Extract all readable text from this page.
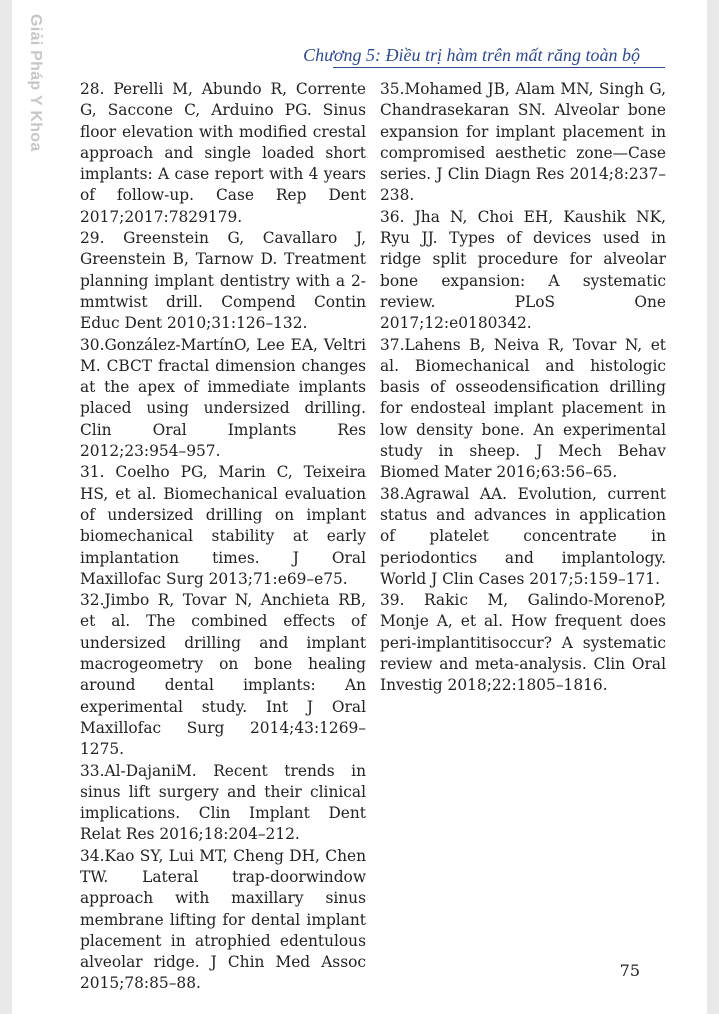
Giải Pháp Y Khoa	Chương 5: Điều trị hàm trên mất răng toàn bộ

28. Perelli M, Abundo R, Corrente G, Saccone C, Arduino PG. Sinus floor elevation with modified crestal approach and single loaded short implants: A case report with 4 years of follow-up. Case Rep Dent 2017;2017:7829179.

29. Greenstein G, Cavallaro J, Greenstein B, Tarnow D. Treatment planning implant dentistry with a 2-mmtwist drill. Compend Contin Educ Dent 2010;31:126–132.

30.González-MartínO, Lee EA, Veltri M. CBCT fractal dimension changes at the apex of immediate implants placed using undersized drilling. Clin Oral Implants Res 2012;23:954–957.

31. Coelho PG, Marin C, Teixeira HS, et al. Biomechanical evaluation of undersized drilling on implant biomechanical stability at early implantation times. J Oral Maxillofac Surg 2013;71:e69–e75.

32.Jimbo R, Tovar N, Anchieta RB, et al. The combined effects of undersized drilling and implant macrogeometry on bone healing around dental implants: An experimental study. Int J Oral Maxillofac Surg 2014;43:1269–1275.

33.Al-DajaniM. Recent trends in sinus lift surgery and their clinical implications. Clin Implant Dent Relat Res 2016;18:204–212.

34.Kao SY, Lui MT, Cheng DH, Chen TW. Lateral trap-doorwindow approach with maxillary sinus membrane lifting for dental implant placement in atrophied edentulous alveolar ridge. J Chin Med Assoc 2015;78:85–88.

35.Mohamed JB, Alam MN, Singh G, Chandrasekaran SN. Alveolar bone expansion for implant placement in compromised aesthetic zone—Case series. J Clin Diagn Res 2014;8:237–238.

36. Jha N, Choi EH, Kaushik NK, Ryu JJ. Types of devices used in ridge split procedure for alveolar bone expansion: A systematic review. PLoS One 2017;12:e0180342.

37.Lahens B, Neiva R, Tovar N, et al. Biomechanical and histologic basis of osseodensification drilling for endosteal implant placement in low density bone. An experimental study in sheep. J Mech Behav Biomed Mater 2016;63:56–65.

38.Agrawal AA. Evolution, current status and advances in application of platelet concentrate in periodontics and implantology. World J Clin Cases 2017;5:159–171.

39. Rakic M, Galindo-MorenoP, Monje A, et al. How frequent does peri-implantitisoccur? A systematic review and meta-analysis. Clin Oral Investig 2018;22:1805–1816.

75
